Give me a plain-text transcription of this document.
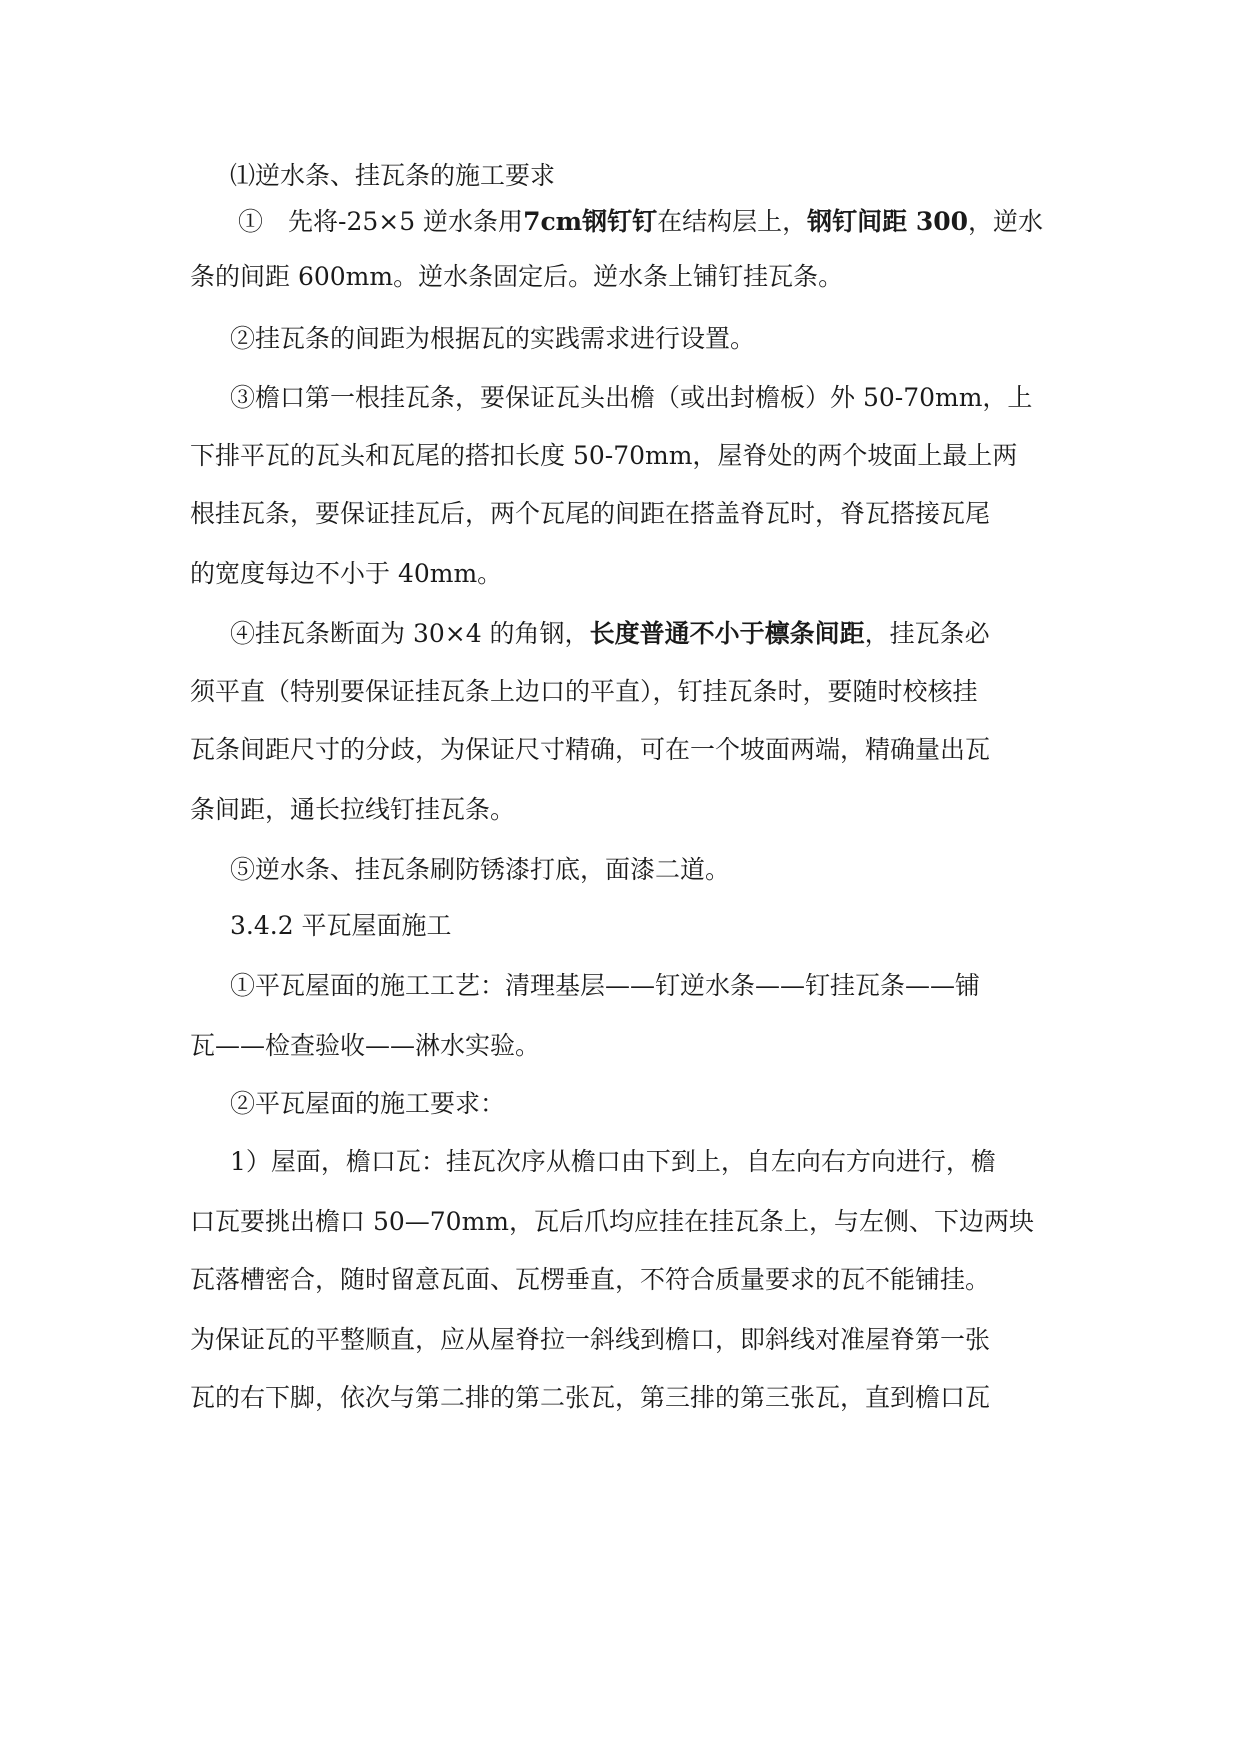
⑴逆水条、挂瓦条的施工要求
①　先将-25×5 逆水条用7cm钢钉钉在结构层上，钢钉间距 300，逆水
条的间距 600mm。逆水条固定后。逆水条上铺钉挂瓦条。
②挂瓦条的间距为根据瓦的实践需求进行设置。
③檐口第一根挂瓦条，要保证瓦头出檐（或出封檐板）外 50-70mm，上
下排平瓦的瓦头和瓦尾的搭扣长度 50-70mm，屋脊处的两个坡面上最上两
根挂瓦条，要保证挂瓦后，两个瓦尾的间距在搭盖脊瓦时，脊瓦搭接瓦尾
的宽度每边不小于 40mm。
④挂瓦条断面为 30×4 的角钢，长度普通不小于檩条间距，挂瓦条必
须平直（特别要保证挂瓦条上边口的平直），钉挂瓦条时，要随时校核挂
瓦条间距尺寸的分歧，为保证尺寸精确，可在一个坡面两端，精确量出瓦
条间距，通长拉线钉挂瓦条。
⑤逆水条、挂瓦条刷防锈漆打底，面漆二道。
3.4.2 平瓦屋面施工
①平瓦屋面的施工工艺：清理基层——钉逆水条——钉挂瓦条——铺
瓦——检查验收——淋水实验。
②平瓦屋面的施工要求：
1）屋面，檐口瓦：挂瓦次序从檐口由下到上，自左向右方向进行，檐
口瓦要挑出檐口 50—70mm，瓦后爪均应挂在挂瓦条上，与左侧、下边两块
瓦落槽密合，随时留意瓦面、瓦楞垂直，不符合质量要求的瓦不能铺挂。
为保证瓦的平整顺直，应从屋脊拉一斜线到檐口，即斜线对准屋脊第一张
瓦的右下脚，依次与第二排的第二张瓦，第三排的第三张瓦，直到檐口瓦
